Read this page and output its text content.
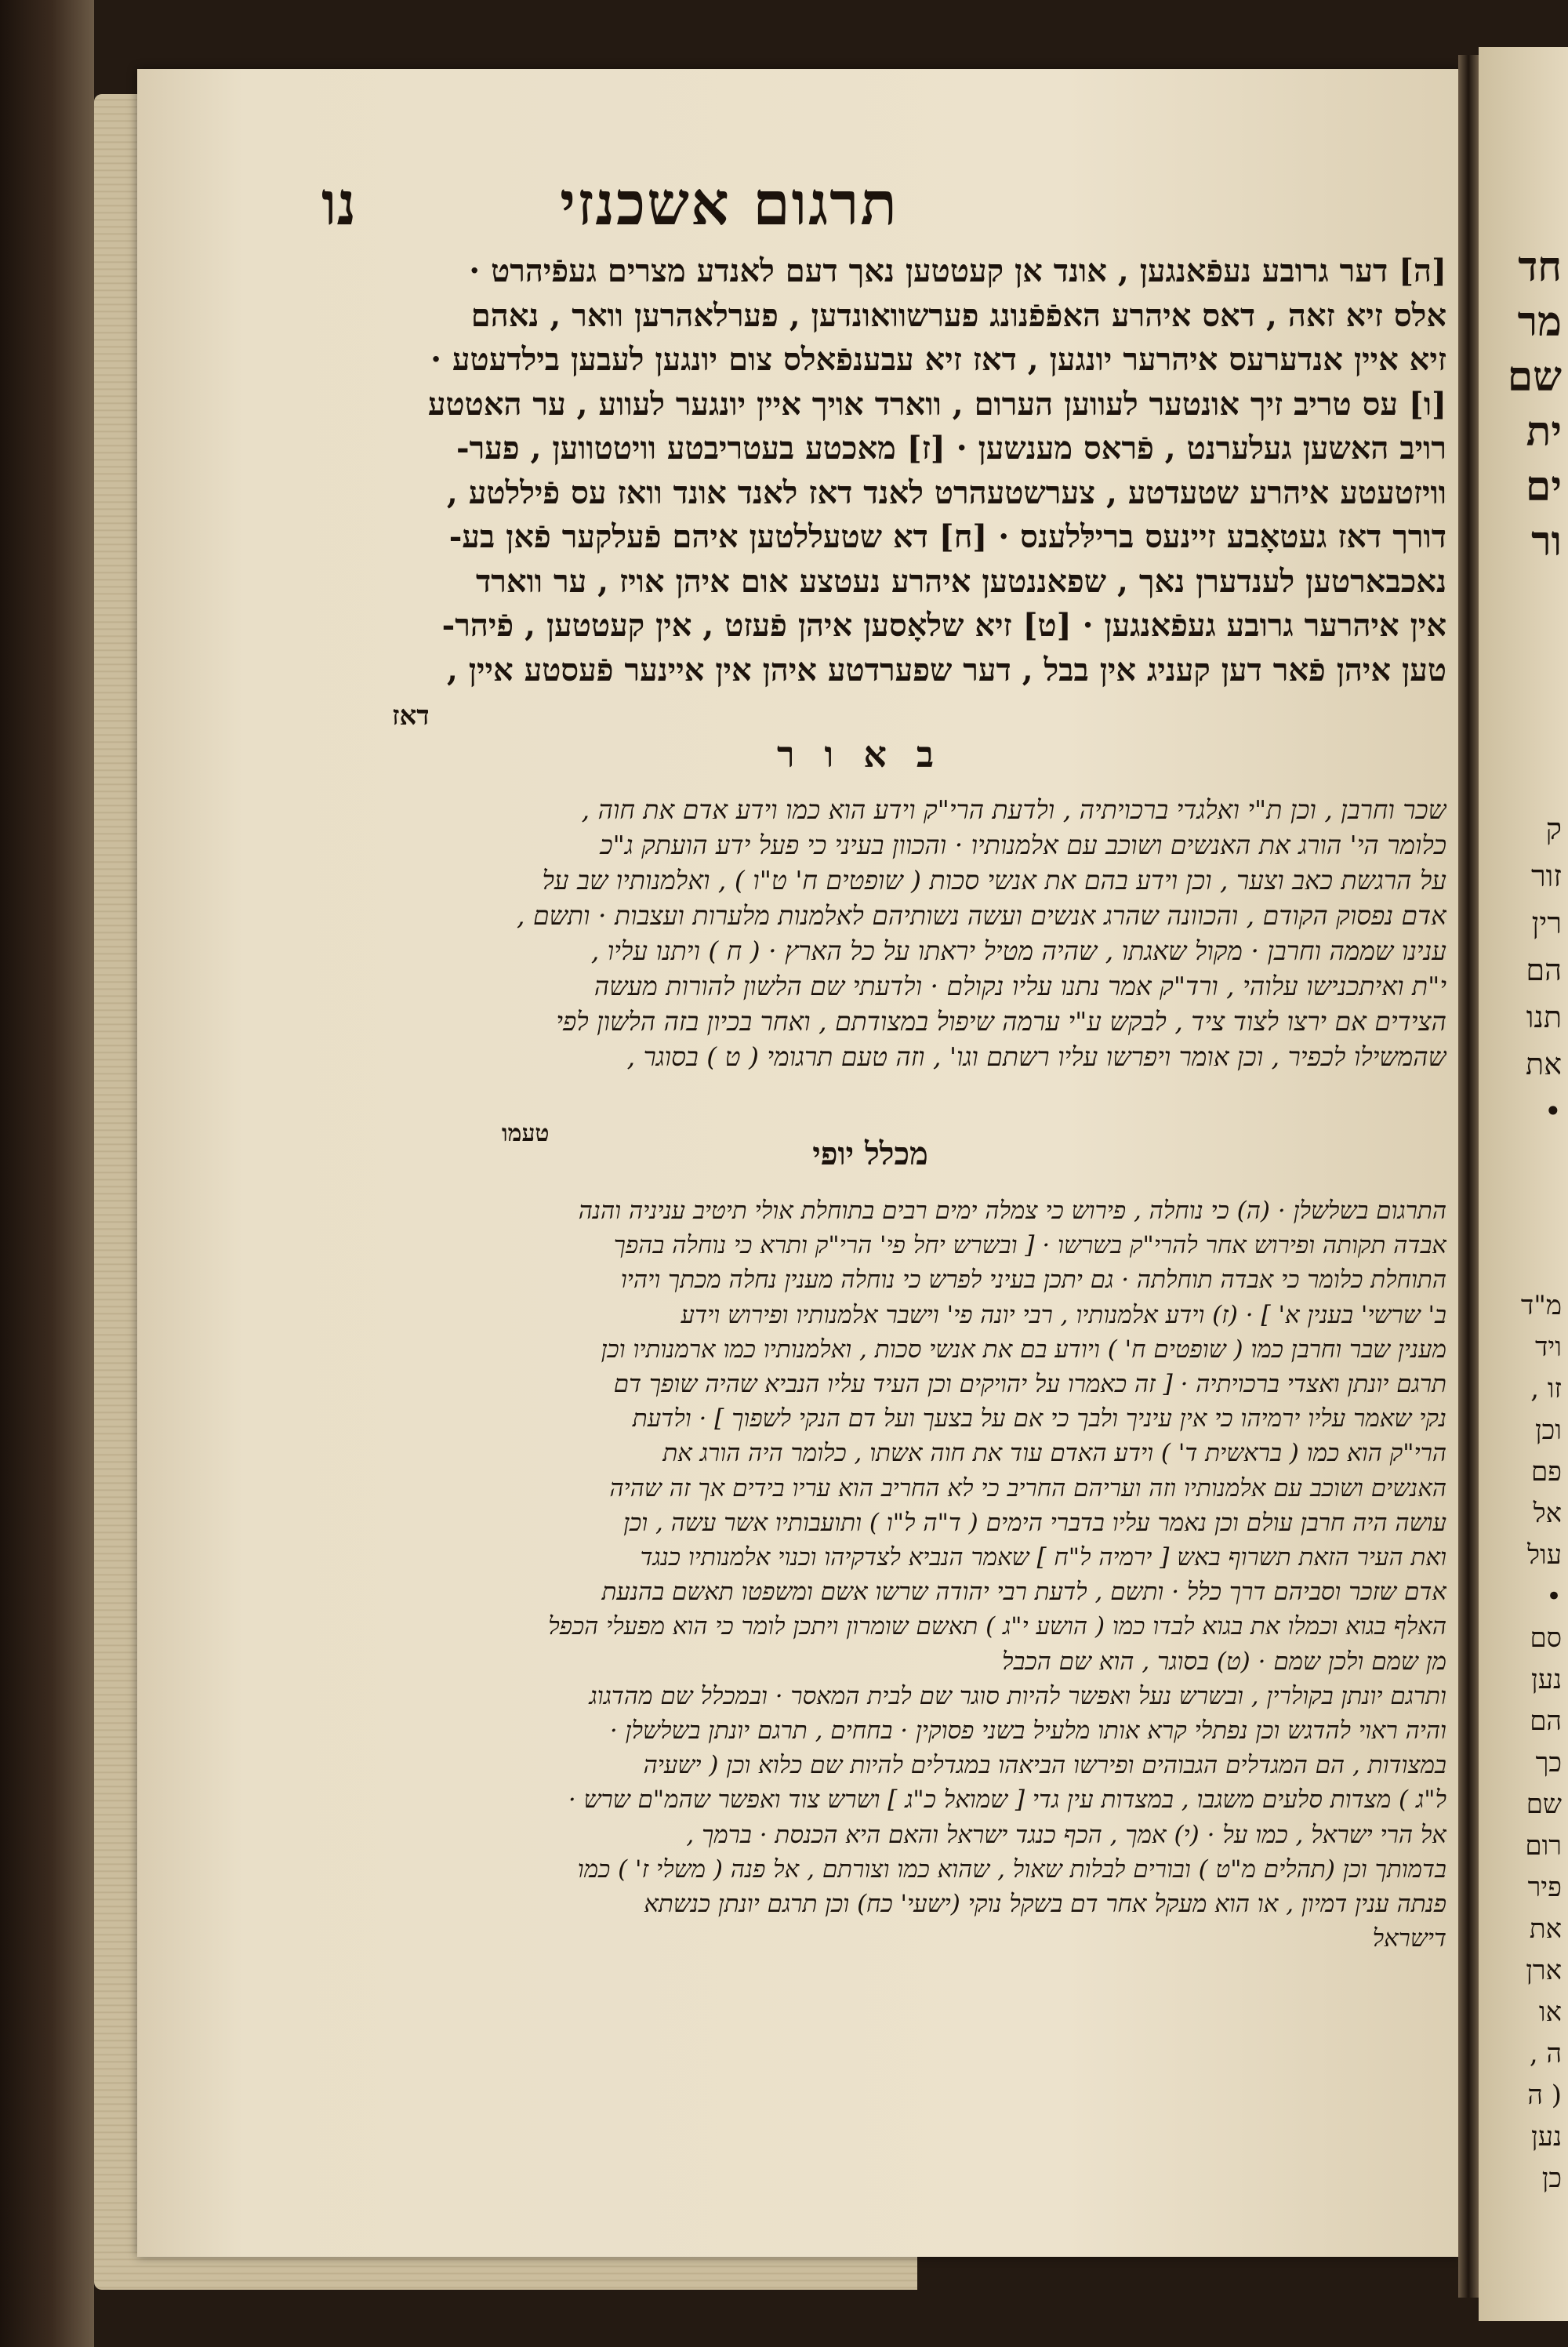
חד
מר
שם
ית
ים
ור
ק
זור
רין
הם
תנו
את
•
מ"ד
ויד
זו ,
וכן
פם
אל
עול
•
סם
נען
הם
כך
שם
רום
פיר
את
ארן
או
ה ,
( ה
נען
כן
תרגום אשכנזי
נו
[ה] דער גרובע נעפֿאנגען , אונד אן קעטטען נאך דעם לאנדע מצרים געפֿיהרט ·
אלס זיא זאה , דאס איהרע האפֿפֿנונג פערשוואונדען , פערלאהרען וואר , נאהם
זיא איין אנדערעס איהרער יונגען , דאז זיא עבענפֿאלס צום יונגען לעבען בילדעטע ·
[ו] עס טריב זיך אונטער לעווען הערום , ווארד אויך איין יונגער לעווע , ער האטטע
רויב האשען געלערנט , פֿראס מענשען · [ז] מאכטע בעטריבטע וויטטווען , פער-
וויזטעטע איהרע שטעדטע , צערשטעהרט לאנד דאז לאנד אונד וואז עס פֿיללטע ,
דורך דאז געטאָבע זיינעס ברילּלענס · [ח] דא שטעללטען איהם פֿעלקער פֿאן בע-
נאכבארטען לענדערן נאך , שפאננטען איהרע נעטצע אום איהן אויז , ער ווארד
אין איהרער גרובע געפֿאנגען · [ט] זיא שלאָסען איהן פֿעזט , אין קעטטען , פֿיהר-
טען איהן פֿאר דען קעניג אין בבל , דער שפערדטע איהן אין איינער פֿעסטע איין ,
דאז
באור
שכר וחרבן , וכן ת"י ואלגדי ברכויתיה , ולדעת הרי"ק וידע הוא כמו וידע אדם את חוה ,
כלומר הי' הורג את האנשים ושוכב עם אלמנותיו · והכוון בעיני כי פעל ידע הועתק ג"כ
על הרגשת כאב וצער , וכן וידע בהם את אנשי סכות ( שופטים ח' ט"ו ) , ואלמנותיו שב על
אדם נפסוק הקודם , והכוונה שהרג אנשים ועשה נשותיהם לאלמנות מלערות ועצבות · ותשם ,
ענינו שממה וחרבן · מקול שאגתו , שהיה מטיל יראתו על כל הארץ · ( ח ) ויתנו עליו ,
י"ת ואיתכנישו עלוהי , ורד"ק אמר נתנו עליו נקולם · ולדעתי שם הלשון להורות מעשה
הצידים אם ירצו לצוד ציד , לבקש ע"י ערמה שיפול במצודתם , ואחר בכיון בזה הלשון לפי
שהמשילו לכפיר , וכן אומר ויפרשו עליו רשתם וגו' , וזה טעם תרגומי ( ט ) בסוגר ,
טעמו
מכלל יופי
התרגום בשלשלן · (ה) כי נוחלה , פירוש כי צמלה ימים רבים בתוחלת אולי תיטיב עניניה והנה
אבדה תקותה ופירוש אחר להרי"ק בשרשו · [ ובשרש יחל פי' הרי"ק ותרא כי נוחלה בהפך
התוחלת כלומר כי אבדה תוחלתה · גם יתכן בעיני לפרש כי נוחלה מענין נחלה מכתך ויהיו
ב' שרשי' בענין א' ] · (ז) וידע אלמנותיו , רבי יונה פי' וישבר אלמנותיו ופירוש וידע
מענין שבר וחרבן כמו ( שופטים ח' ) ויודע בם את אנשי סכות , ואלמנותיו כמו ארמנותיו וכן
תרגם יונתן ואצדי ברכויתיה · [ זה כאמרו על יהויקים וכן העיד עליו הנביא שהיה שופך דם
נקי שאמר עליו ירמיהו כי אין עיניך ולבך כי אם על בצעך ועל דם הנקי לשפוך ] · ולדעת
הרי"ק הוא כמו ( בראשית ד' ) וידע האדם עוד את חוה אשתו , כלומר היה הורג את
האנשים ושוכב עם אלמנותיו וזה ועריהם החריב כי לא החריב הוא עריו בידים אך זה שהיה
עושה היה חרבן עולם וכן נאמר עליו בדברי הימים ( ד"ה ל"ו ) ותועבותיו אשר עשה , וכן
ואת העיר הזאת תשרוף באש [ ירמיה ל"ח ] שאמר הנביא לצדקיהו וכנוי אלמנותיו כנגד
אדם שזכר וסביהם דרך כלל · ותשם , לדעת רבי יהודה שרשו אשם ומשפטו תאשם בהנעת
האלף בגוא וכמלו את בגוא לבדו כמו ( הושע י"ג ) תאשם שומרון ויתכן לומר כי הוא מפעלי הכפל
מן שמם ולכן שמם · (ט) בסוגר , הוא שם הכבל
ותרגם יונתן בקולרין , ובשרש נעל ואפשר להיות סוגר שם לבית המאסר · ובמכלל שם מהדגוג
והיה ראוי להדגש וכן נפתלי קרא אותו מלעיל בשני פסוקין · בחחים , תרגם יונתן בשלשלן ·
במצודות , הם המגדלים הגבוהים ופירשו הביאהו במגדלים להיות שם כלוא וכן ( ישעיה
ל"ג ) מצדות סלעים משגבו , במצדות עין גדי [ שמואל כ"ג ] ושרש צוד ואפשר שהמ"ם שרש ·
אל הרי ישראל , כמו על · (י) אמך , הכף כנגד ישראל והאם היא הכנסת · ברמך ,
בדמותך וכן (תהלים מ"ט ) ובורים לבלות שאול , שהוא כמו וצורתם , אל פנה ( משלי ז' ) כמו
פנתה ענין דמיון , או הוא מעקל אחר דם בשקל נוקי (ישעי' כח) וכן תרגם יונתן כנשתא
דישראל
